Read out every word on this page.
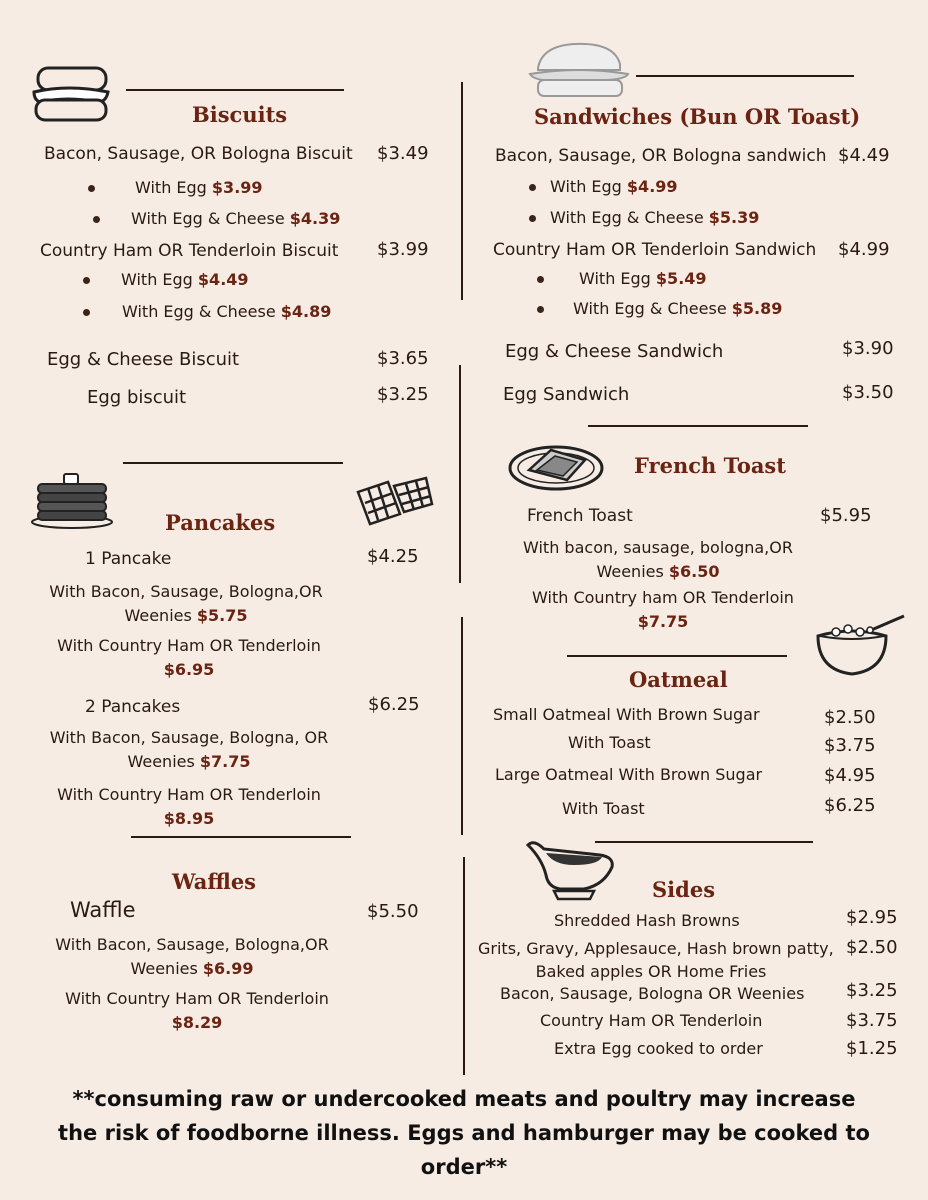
Biscuits
Bacon, Sausage, OR Bologna Biscuit $3.49
With Egg $3.99
With Egg & Cheese $4.39
Country Ham OR Tenderloin Biscuit $3.99
With Egg $4.49
With Egg & Cheese $4.89
Egg & Cheese Biscuit	$3.65
Egg biscuit	$3.25
Pancakes
1 Pancake	$4.25
With Bacon, Sausage, Bologna,OR
Weenies $5.75
With Country Ham OR Tenderloin
$6.95
2 Pancakes	$6.25
With Bacon, Sausage, Bologna, OR
Weenies $7.75
With Country Ham OR Tenderloin
$8.95
Waffles
Waffle	$5.50
With Bacon, Sausage, Bologna,OR
Weenies $6.99
With Country Ham OR Tenderloin
$8.29
Sandwiches (Bun OR Toast)
Bacon, Sausage, OR Bologna sandwich $4.49
With Egg $4.99
With Egg & Cheese $5.39
Country Ham OR Tenderloin Sandwich $4.99
With Egg $5.49
With Egg & Cheese $5.89
Egg & Cheese Sandwich	$3.90
Egg Sandwich	$3.50
French Toast
French Toast	$5.95
With bacon, sausage, bologna,OR
Weenies $6.50
With Country ham OR Tenderloin
$7.75
Oatmeal
Small Oatmeal With Brown Sugar	$2.50
With Toast	$3.75
Large Oatmeal With Brown Sugar	$4.95
With Toast	$6.25
Sides
Shredded Hash Browns	$2.95
Grits, Gravy, Applesauce, Hash brown patty,
Baked apples OR Home Fries
$2.50
Bacon, Sausage, Bologna OR Weenies $3.25
Country Ham OR Tenderloin	$3.75
Extra Egg cooked to order	$1.25
**consuming raw or undercooked meats and poultry may increase
the risk of foodborne illness. Eggs and hamburger may be cooked to
order**
